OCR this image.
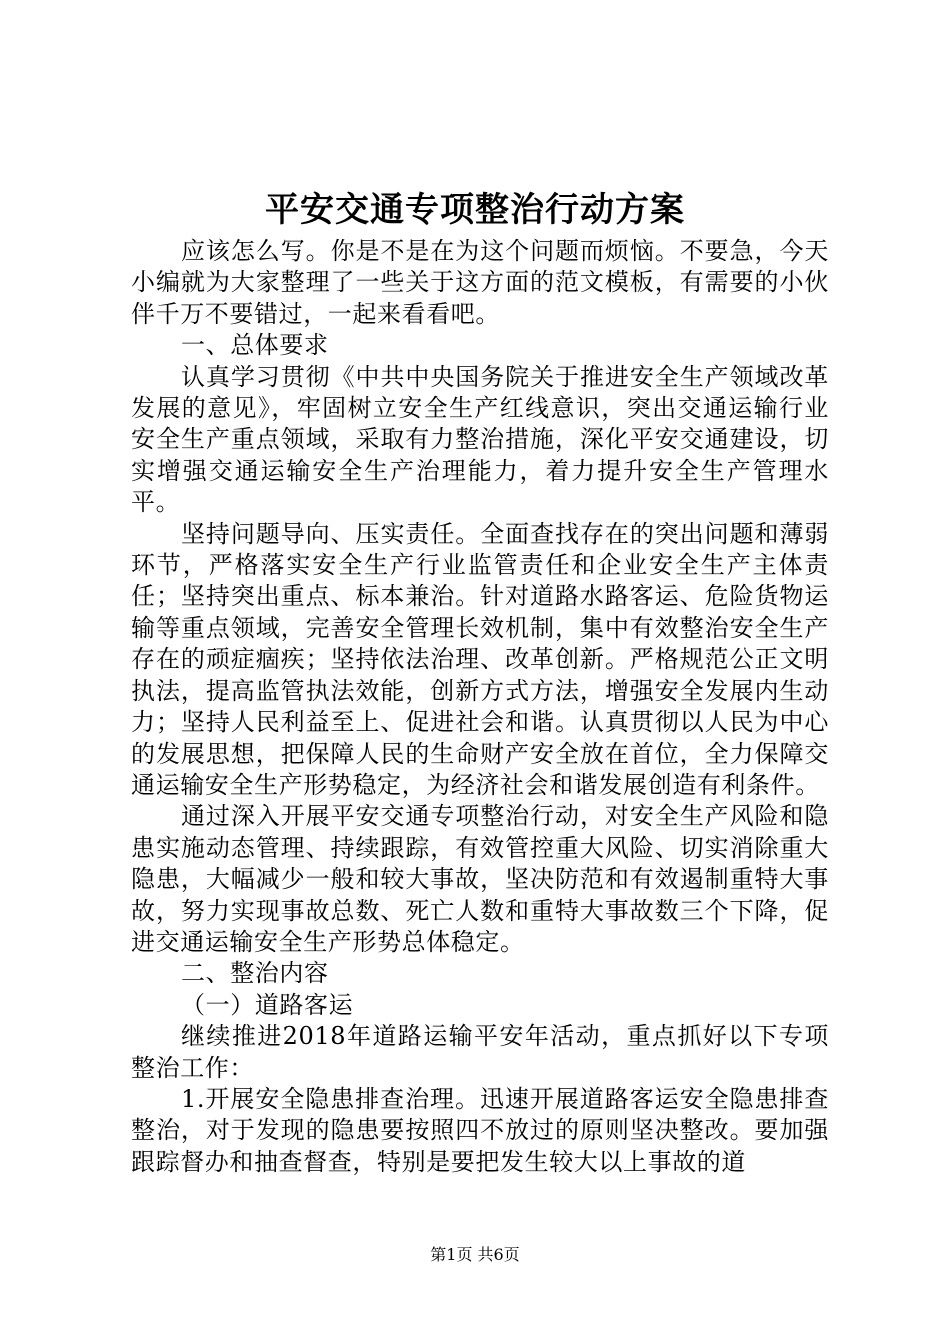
平安交通专项整治行动方案

应该怎么写。你是不是在为这个问题而烦恼。不要急，今天小编就为大家整理了一些关于这方面的范文模板，有需要的小伙伴千万不要错过，一起来看看吧。

一、总体要求

认真学习贯彻《中共中央国务院关于推进安全生产领域改革发展的意见》，牢固树立安全生产红线意识，突出交通运输行业安全生产重点领域，采取有力整治措施，深化平安交通建设，切实增强交通运输安全生产治理能力，着力提升安全生产管理水平。

坚持问题导向、压实责任。全面查找存在的突出问题和薄弱环节，严格落实安全生产行业监管责任和企业安全生产主体责任；坚持突出重点、标本兼治。针对道路水路客运、危险货物运输等重点领域，完善安全管理长效机制，集中有效整治安全生产存在的顽症痼疾；坚持依法治理、改革创新。严格规范公正文明执法，提高监管执法效能，创新方式方法，增强安全发展内生动力；坚持人民利益至上、促进社会和谐。认真贯彻以人民为中心的发展思想，把保障人民的生命财产安全放在首位，全力保障交通运输安全生产形势稳定，为经济社会和谐发展创造有利条件。

通过深入开展平安交通专项整治行动，对安全生产风险和隐患实施动态管理、持续跟踪，有效管控重大风险、切实消除重大隐患，大幅减少一般和较大事故，坚决防范和有效遏制重特大事故，努力实现事故总数、死亡人数和重特大事故数三个下降，促进交通运输安全生产形势总体稳定。

二、整治内容

（一）道路客运

继续推进2018年道路运输平安年活动，重点抓好以下专项整治工作：

1.开展安全隐患排查治理。迅速开展道路客运安全隐患排查整治，对于发现的隐患要按照四不放过的原则坚决整改。要加强跟踪督办和抽查督查，特别是要把发生较大以上事故的道

第1页 共6页
